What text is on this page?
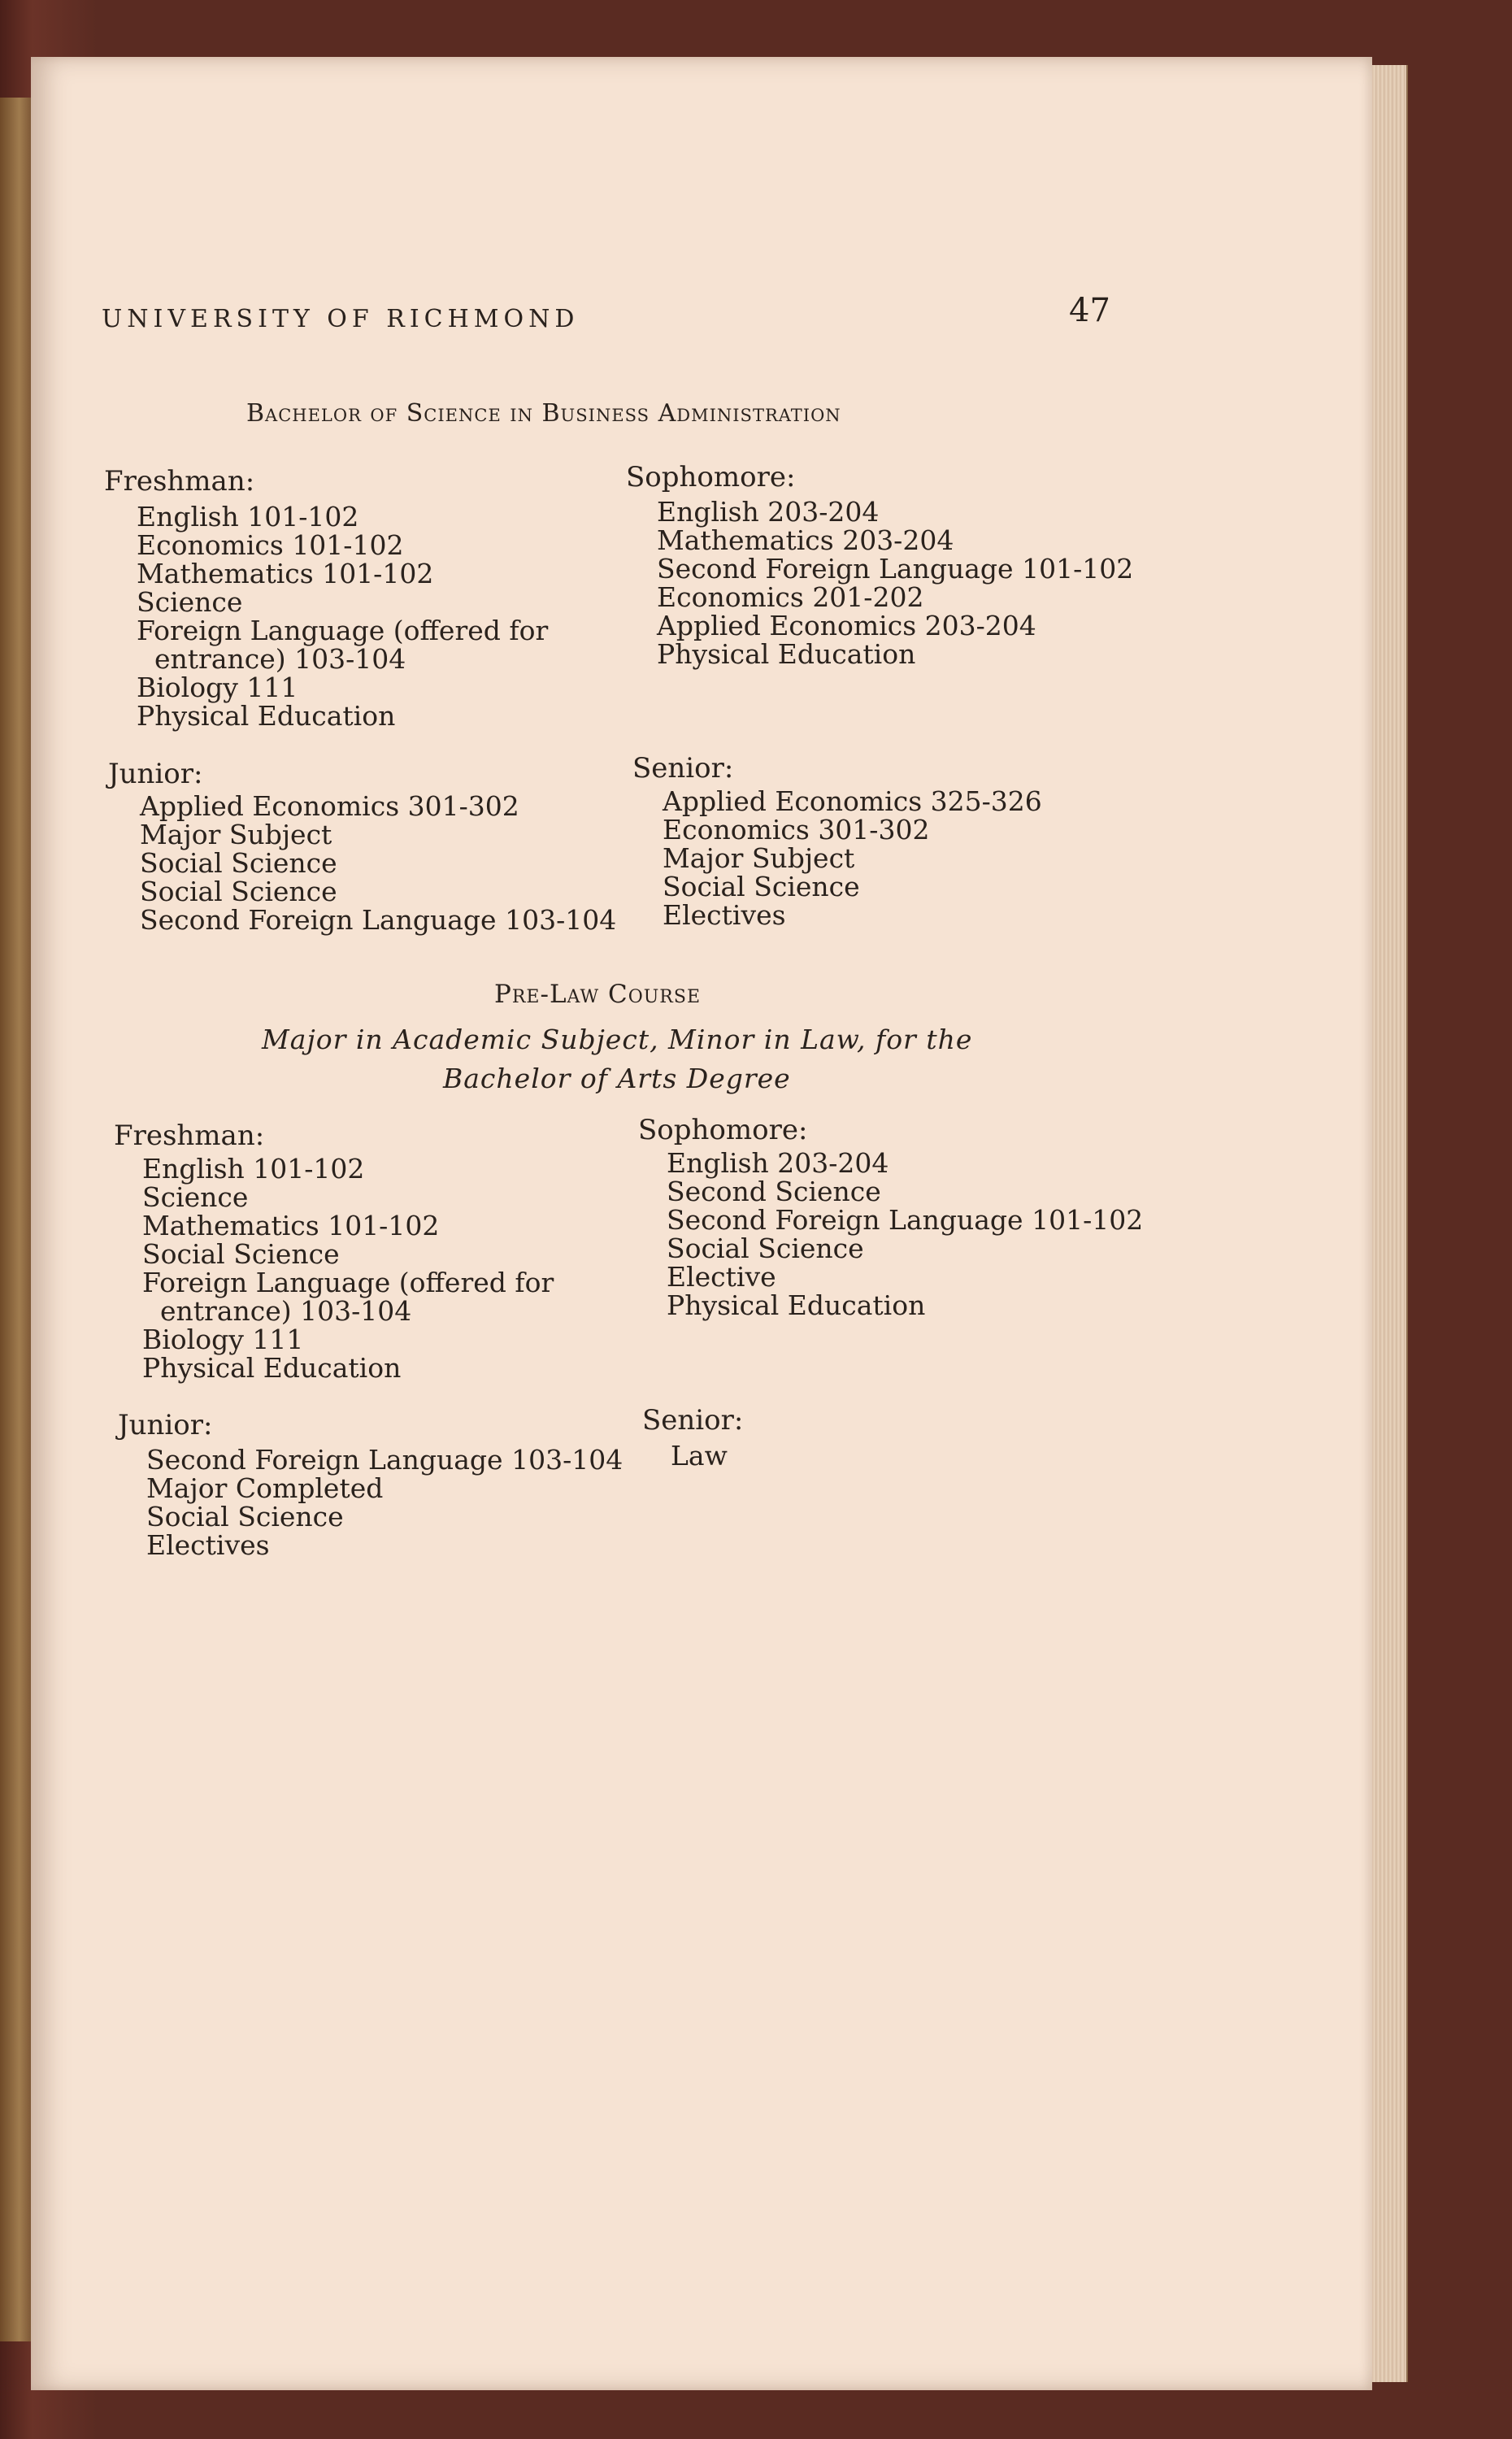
UNIVERSITY OF RICHMOND	47
Bachelor of Science in Business Administration
Freshman:
English 101-102
Economics 101-102
Mathematics 101-102
Science
Foreign Language (offered for
entrance) 103-104
Biology 111
Physical Education
Sophomore:
English 203-204
Mathematics 203-204
Second Foreign Language 101-102
Economics 201-202
Applied Economics 203-204
Physical Education
Junior:
Applied Economics 301-302
Major Subject
Social Science
Social Science
Second Foreign Language 103-104
Senior:
Applied Economics 325-326
Economics 301-302
Major Subject
Social Science
Electives
Pre-Law Course
Major in Academic Subject, Minor in Law, for the
Bachelor of Arts Degree
Freshman:
English 101-102
Science
Mathematics 101-102
Social Science
Foreign Language (offered for
entrance) 103-104
Biology 111
Physical Education
Sophomore:
English 203-204
Second Science
Second Foreign Language 101-102
Social Science
Elective
Physical Education
Junior:
Second Foreign Language 103-104
Major Completed
Social Science
Electives
Senior:
Law
